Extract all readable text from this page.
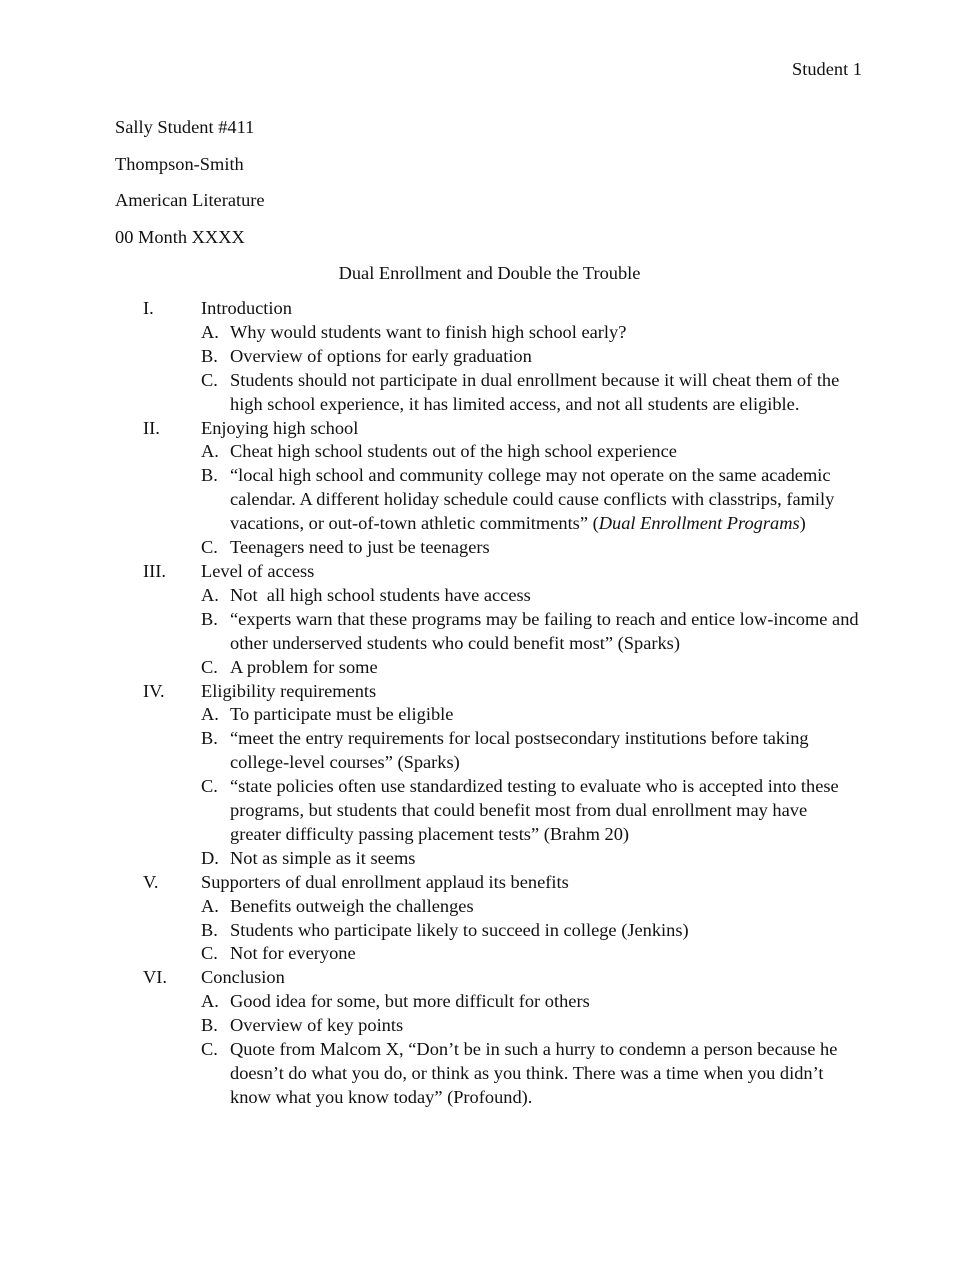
Student 1
Sally Student #411
Thompson-Smith
American Literature
00 Month XXXX
Dual Enrollment and Double the Trouble
I.	Introduction
A. Why would students want to finish high school early?
B. Overview of options for early graduation
C. Students should not participate in dual enrollment because it will cheat them of the high school experience, it has limited access, and not all students are eligible.
II. Enjoying high school
A. Cheat high school students out of the high school experience
B. “local high school and community college may not operate on the same academic calendar. A different holiday schedule could cause conflicts with classtrips, family vacations, or out-of-town athletic commitments” (Dual Enrollment Programs)
C. Teenagers need to just be teenagers
III. Level of access
A. Not  all high school students have access
B. “experts warn that these programs may be failing to reach and entice low-income and other underserved students who could benefit most” (Sparks)
C. A problem for some
IV. Eligibility requirements
A. To participate must be eligible
B. “meet the entry requirements for local postsecondary institutions before taking college-level courses” (Sparks)
C. “state policies often use standardized testing to evaluate who is accepted into these programs, but students that could benefit most from dual enrollment may have greater difficulty passing placement tests” (Brahm 20)
D. Not as simple as it seems
V. Supporters of dual enrollment applaud its benefits
A. Benefits outweigh the challenges
B. Students who participate likely to succeed in college (Jenkins)
C. Not for everyone
VI. Conclusion
A. Good idea for some, but more difficult for others
B. Overview of key points
C. Quote from Malcom X, “Don’t be in such a hurry to condemn a person because he doesn’t do what you do, or think as you think. There was a time when you didn’t know what you know today” (Profound).
